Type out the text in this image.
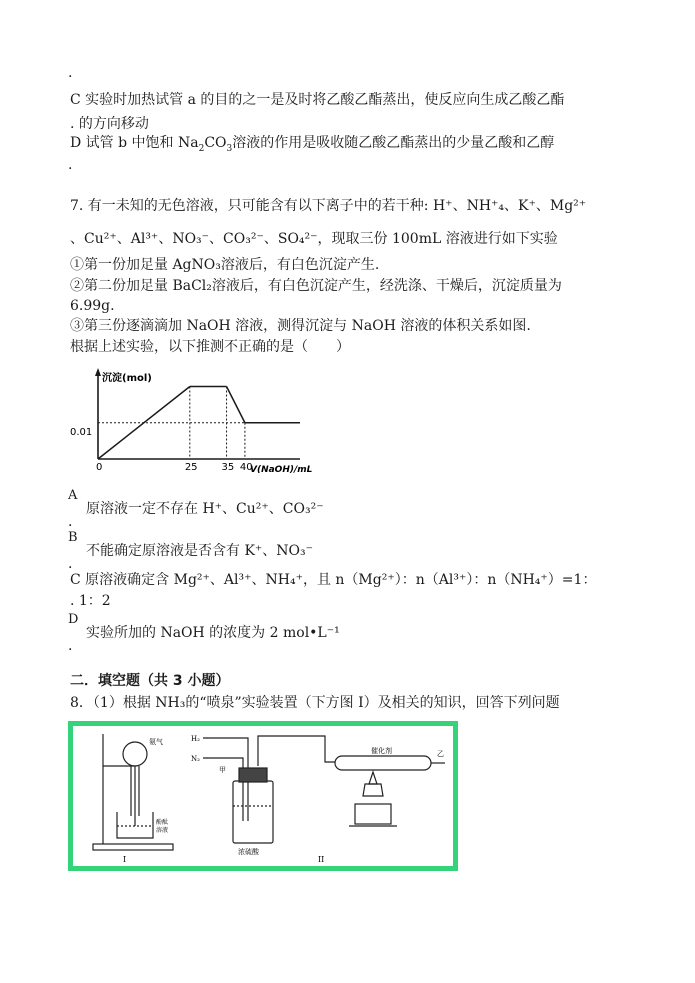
.
C 实验时加热试管 a 的目的之一是及时将乙酸乙酯蒸出，使反应向生成乙酸乙酯
. 的方向移动
D 试管 b 中饱和 $Na_2CO_3$溶液的作用是吸收随乙酸乙酯蒸出的少量乙酸和乙醇
.
7. 有一未知的无色溶液，只可能含有以下离子中的若干种: H⁺、NH⁺₄、K⁺、Mg²⁺
、Cu²⁺、Al³⁺、NO₃⁻、CO₃²⁻、SO₄²⁻，现取三份 100mL 溶液进行如下实验
①第一份加足量 AgNO₃溶液后，有白色沉淀产生.
②第二份加足量 BaCl₂溶液后，有白色沉淀产生，经洗涤、干燥后，沉淀质量为
6.99g.
③第三份逐滴滴加 NaOH 溶液，测得沉淀与 NaOH 溶液的体积关系如图.
根据上述实验，以下推测不正确的是（　　）
沉淀(mol)
V(NaOH)/mL
0.01
0	25 35 40
A
原溶液一定不存在 H⁺、Cu²⁺、CO₃²⁻
.
B
不能确定原溶液是否含有 K⁺、NO₃⁻
.
C 原溶液确定含 Mg²⁺、Al³⁺、NH₄⁺，且 n（Mg²⁺）：n（Al³⁺）：n（NH₄⁺）=1：
. 1：2
D
实验所加的 NaOH 的浓度为 2 mol•L⁻¹
.
二．填空题（共 3 小题）
8．（1）根据 NH₃的“喷泉”实验装置（下方图 I）及相关的知识，回答下列问题
氨气
酚酞
溶液
I
H₂
N₂
甲
浓硫酸
催化剂	乙
II
